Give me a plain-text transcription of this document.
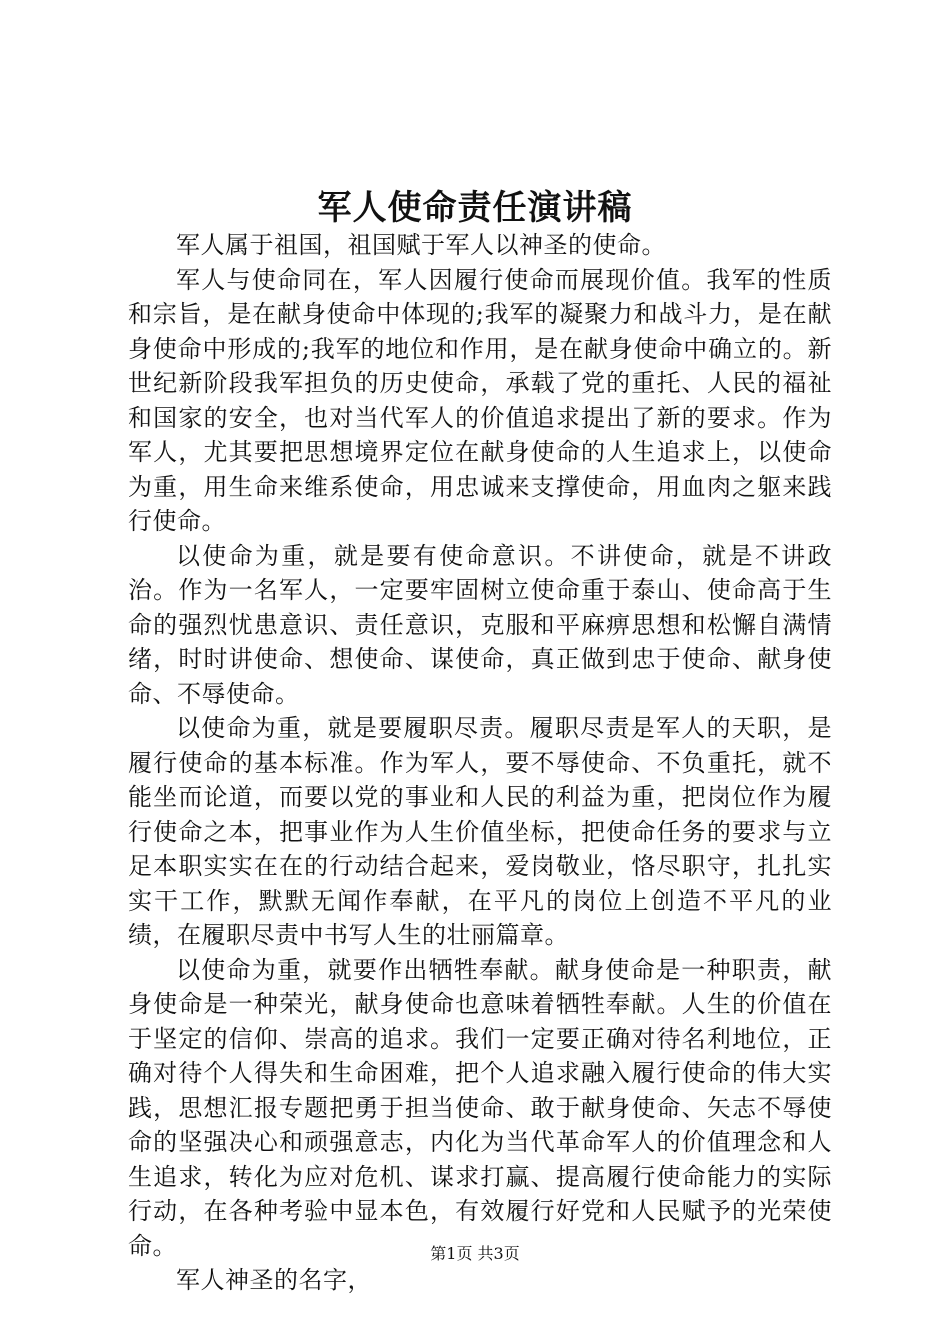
军人使命责任演讲稿

军人属于祖国，祖国赋于军人以神圣的使命。

军人与使命同在，军人因履行使命而展现价值。我军的性质和宗旨，是在献身使命中体现的;我军的凝聚力和战斗力，是在献身使命中形成的;我军的地位和作用，是在献身使命中确立的。新世纪新阶段我军担负的历史使命，承载了党的重托、人民的福祉和国家的安全，也对当代军人的价值追求提出了新的要求。作为军人，尤其要把思想境界定位在献身使命的人生追求上，以使命为重，用生命来维系使命，用忠诚来支撑使命，用血肉之躯来践行使命。

以使命为重，就是要有使命意识。不讲使命，就是不讲政治。作为一名军人，一定要牢固树立使命重于泰山、使命高于生命的强烈忧患意识、责任意识，克服和平麻痹思想和松懈自满情绪，时时讲使命、想使命、谋使命，真正做到忠于使命、献身使命、不辱使命。

以使命为重，就是要履职尽责。履职尽责是军人的天职，是履行使命的基本标准。作为军人，要不辱使命、不负重托，就不能坐而论道，而要以党的事业和人民的利益为重，把岗位作为履行使命之本，把事业作为人生价值坐标，把使命任务的要求与立足本职实实在在的行动结合起来，爱岗敬业，恪尽职守，扎扎实实干工作，默默无闻作奉献，在平凡的岗位上创造不平凡的业绩，在履职尽责中书写人生的壮丽篇章。

以使命为重，就要作出牺牲奉献。献身使命是一种职责，献身使命是一种荣光，献身使命也意味着牺牲奉献。人生的价值在于坚定的信仰、崇高的追求。我们一定要正确对待名利地位，正确对待个人得失和生命困难，把个人追求融入履行使命的伟大实践，思想汇报专题把勇于担当使命、敢于献身使命、矢志不辱使命的坚强决心和顽强意志，内化为当代革命军人的价值理念和人生追求，转化为应对危机、谋求打赢、提高履行使命能力的实际行动，在各种考验中显本色，有效履行好党和人民赋予的光荣使命。

军人神圣的名字，

第1页 共3页
